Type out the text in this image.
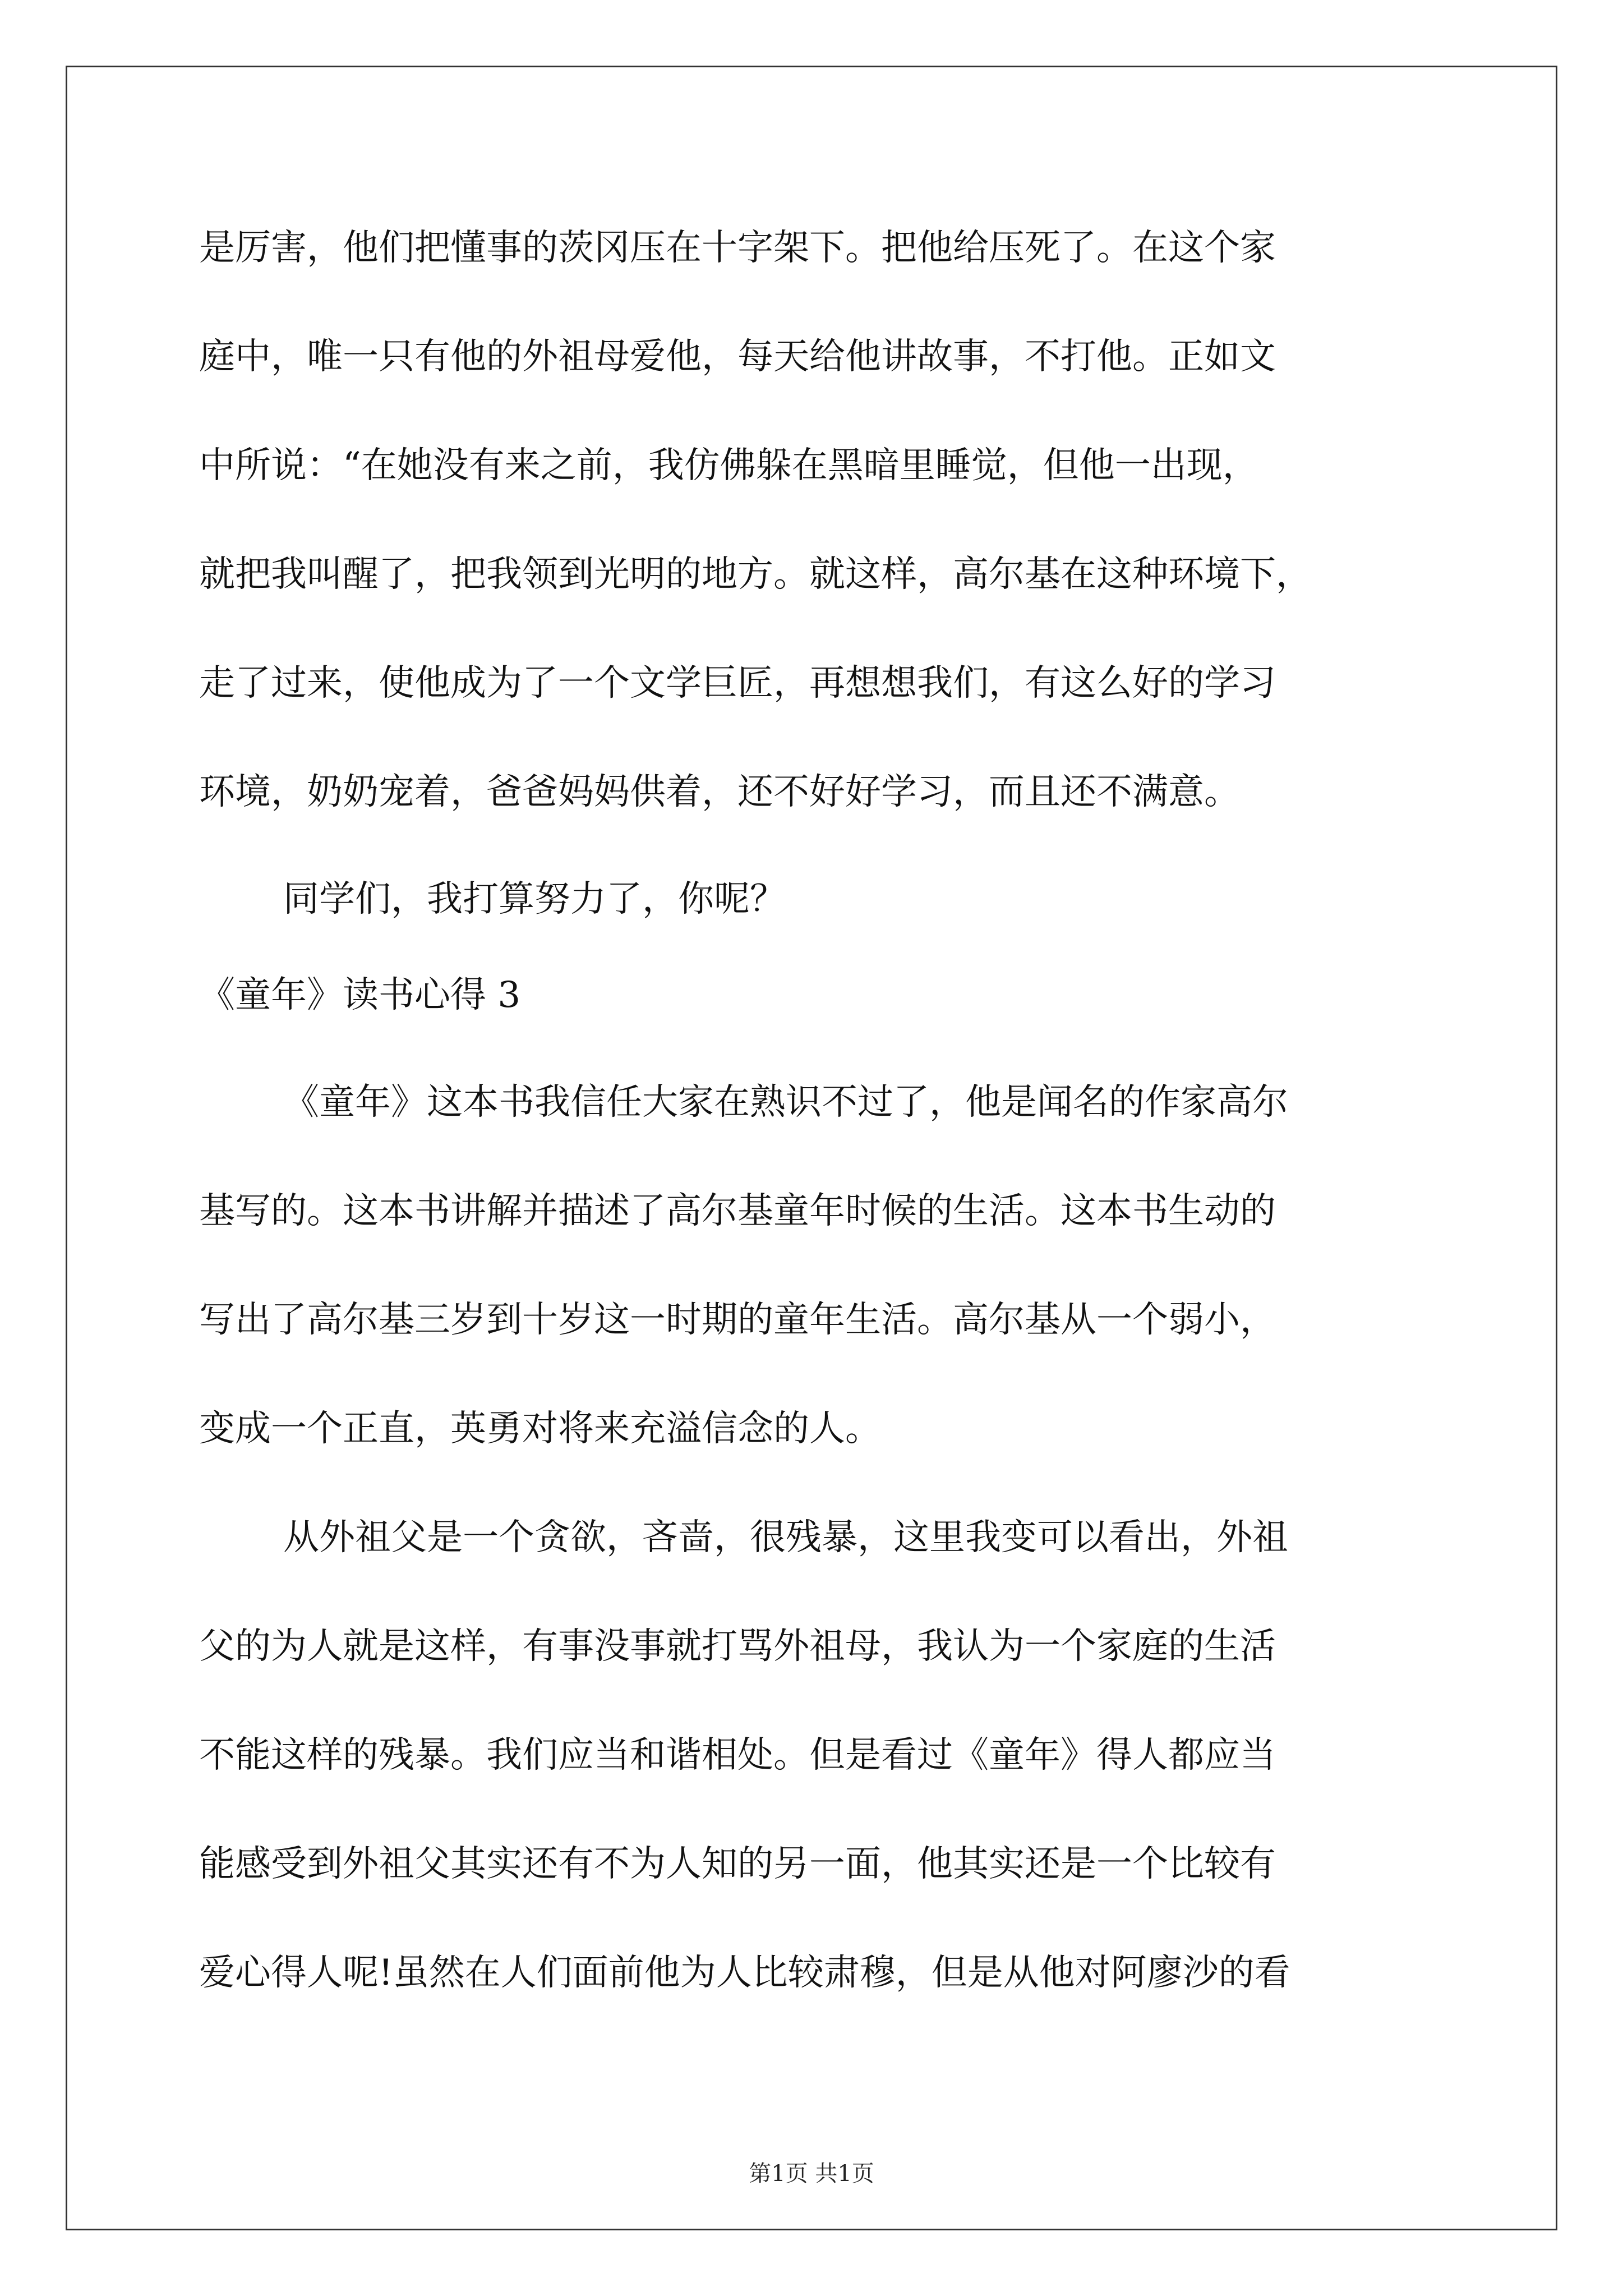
是厉害，他们把懂事的茨冈压在十字架下。把他给压死了。在这个家
庭中，唯一只有他的外祖母爱他，每天给他讲故事，不打他。正如文
中所说：“在她没有来之前，我仿佛躲在黑暗里睡觉，但他一出现，
就把我叫醒了，把我领到光明的地方。就这样，高尔基在这种环境下，
走了过来，使他成为了一个文学巨匠，再想想我们，有这么好的学习
环境，奶奶宠着，爸爸妈妈供着，还不好好学习，而且还不满意。
同学们，我打算努力了，你呢？
《童年》读书心得 3
《童年》这本书我信任大家在熟识不过了，他是闻名的作家高尔
基写的。这本书讲解并描述了高尔基童年时候的生活。这本书生动的
写出了高尔基三岁到十岁这一时期的童年生活。高尔基从一个弱小，
变成一个正直，英勇对将来充溢信念的人。
从外祖父是一个贪欲，吝啬，很残暴，这里我变可以看出，外祖
父的为人就是这样，有事没事就打骂外祖母，我认为一个家庭的生活
不能这样的残暴。我们应当和谐相处。但是看过《童年》得人都应当
能感受到外祖父其实还有不为人知的另一面，他其实还是一个比较有
爱心得人呢!虽然在人们面前他为人比较肃穆，但是从他对阿廖沙的看
第1页 共1页
